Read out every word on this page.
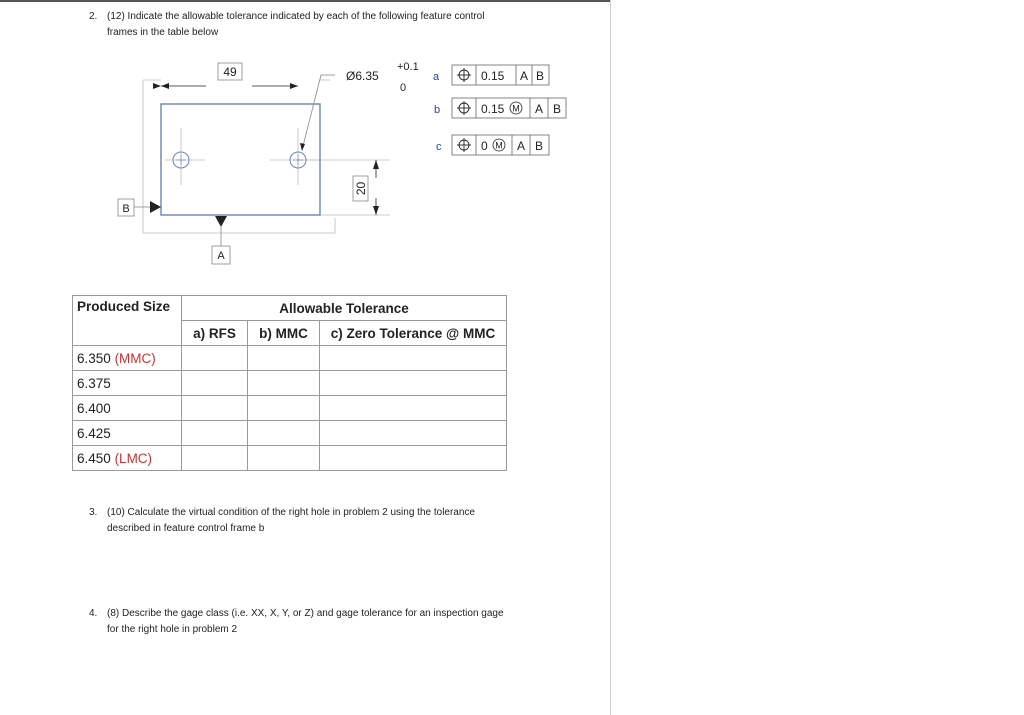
2. (12) Indicate the allowable tolerance indicated by each of the following feature control
frames in the table below
49	Ø6.35
+0.1
0
20
B
A
a	0.15 A B
b	0.15 M A B
c	0 M A B
Produced Size	Allowable Tolerance		
	a) RFS	b) MMC	c) Zero Tolerance @ MMC
6.350 (MMC)			
6.375			
6.400			
6.425			
6.450 (LMC)			
3. (10) Calculate the virtual condition of the right hole in problem 2 using the tolerance
described in feature control frame b
4. (8) Describe the gage class (i.e. XX, X, Y, or Z) and gage tolerance for an inspection gage
for the right hole in problem 2
